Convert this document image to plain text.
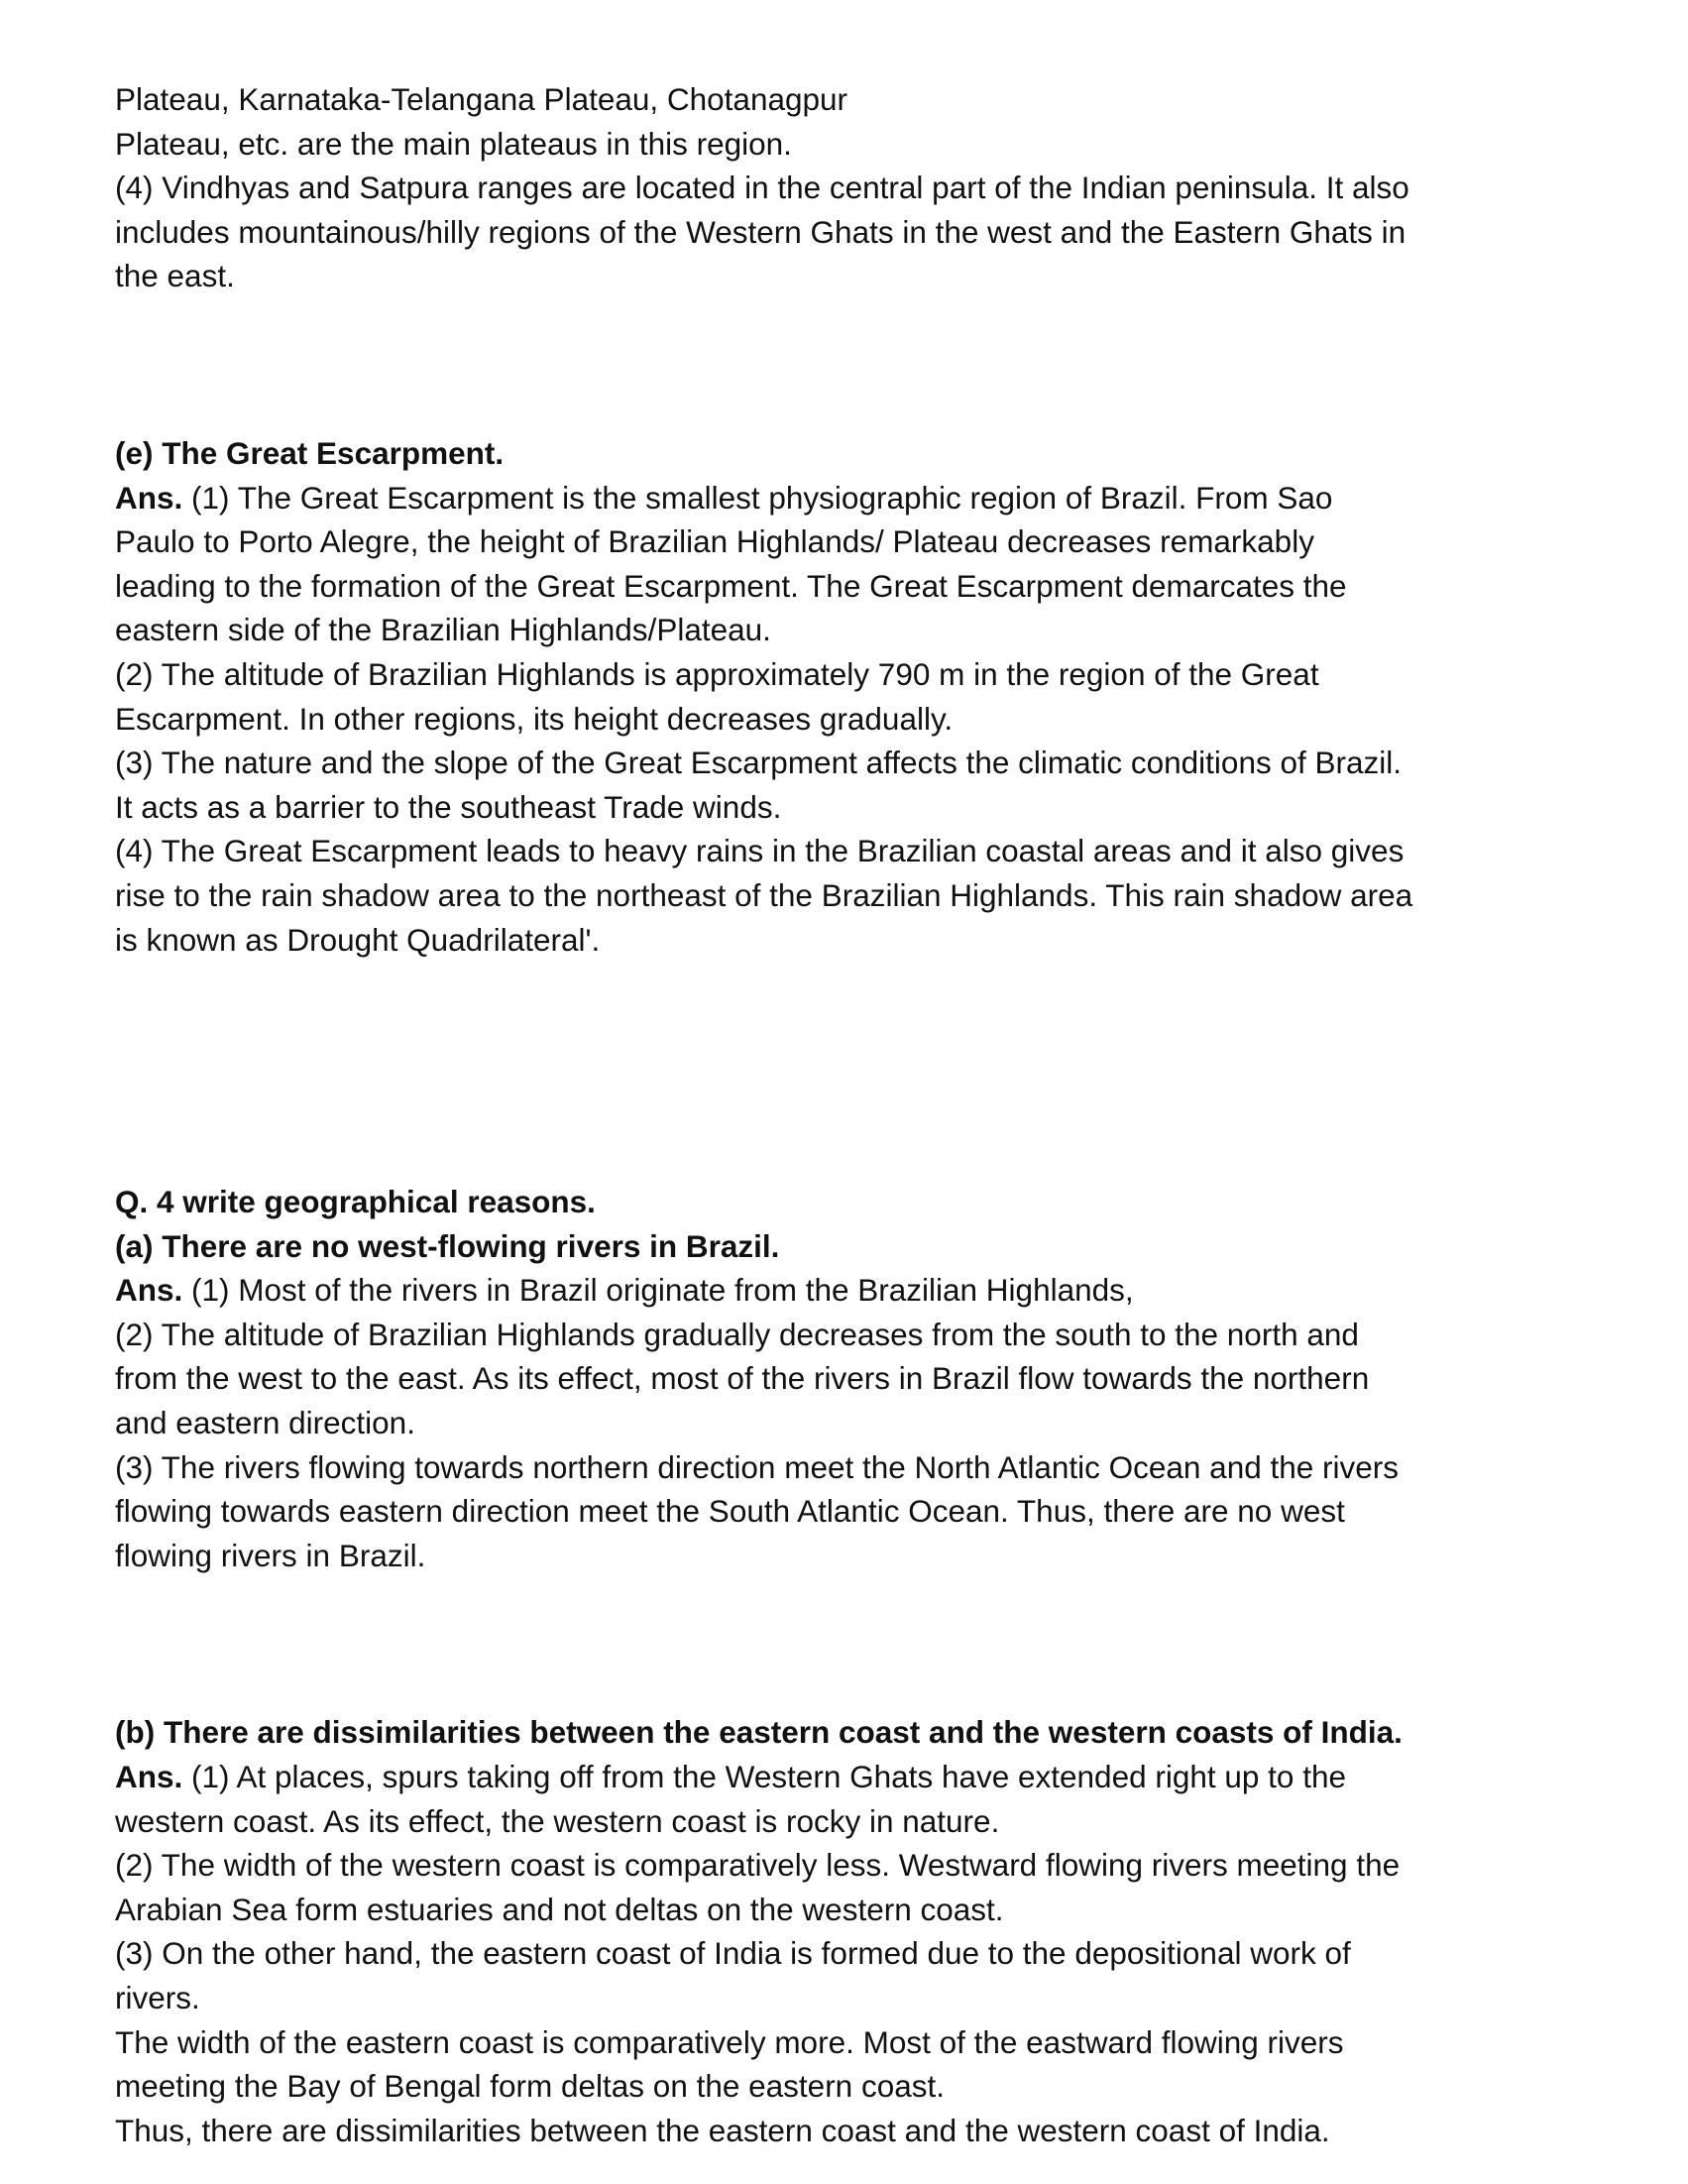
Plateau, Karnataka-Telangana Plateau, Chotanagpur
Plateau, etc. are the main plateaus in this region.
(4) Vindhyas and Satpura ranges are located in the central part of the Indian peninsula. It also
includes mountainous/hilly regions of the Western Ghats in the west and the Eastern Ghats in
the east.
(e) The Great Escarpment.
Ans. (1) The Great Escarpment is the smallest physiographic region of Brazil. From Sao
Paulo to Porto Alegre, the height of Brazilian Highlands/ Plateau decreases remarkably
leading to the formation of the Great Escarpment. The Great Escarpment demarcates the
eastern side of the Brazilian Highlands/Plateau.
(2) The altitude of Brazilian Highlands is approximately 790 m in the region of the Great
Escarpment. In other regions, its height decreases gradually.
(3) The nature and the slope of the Great Escarpment affects the climatic conditions of Brazil.
It acts as a barrier to the southeast Trade winds.
(4) The Great Escarpment leads to heavy rains in the Brazilian coastal areas and it also gives
rise to the rain shadow area to the northeast of the Brazilian Highlands. This rain shadow area
is known as Drought Quadrilateral'.
Q. 4 write geographical reasons.
(a) There are no west-flowing rivers in Brazil.
Ans. (1) Most of the rivers in Brazil originate from the Brazilian Highlands,
(2) The altitude of Brazilian Highlands gradually decreases from the south to the north and
from the west to the east. As its effect, most of the rivers in Brazil flow towards the northern
and eastern direction.
(3) The rivers flowing towards northern direction meet the North Atlantic Ocean and the rivers
flowing towards eastern direction meet the South Atlantic Ocean. Thus, there are no west
flowing rivers in Brazil.
(b) There are dissimilarities between the eastern coast and the western coasts of India.
Ans. (1) At places, spurs taking off from the Western Ghats have extended right up to the
western coast. As its effect, the western coast is rocky in nature.
(2) The width of the western coast is comparatively less. Westward flowing rivers meeting the
Arabian Sea form estuaries and not deltas on the western coast.
(3) On the other hand, the eastern coast of India is formed due to the depositional work of
rivers.
The width of the eastern coast is comparatively more. Most of the eastward flowing rivers
meeting the Bay of Bengal form deltas on the eastern coast.
Thus, there are dissimilarities between the eastern coast and the western coast of India.
